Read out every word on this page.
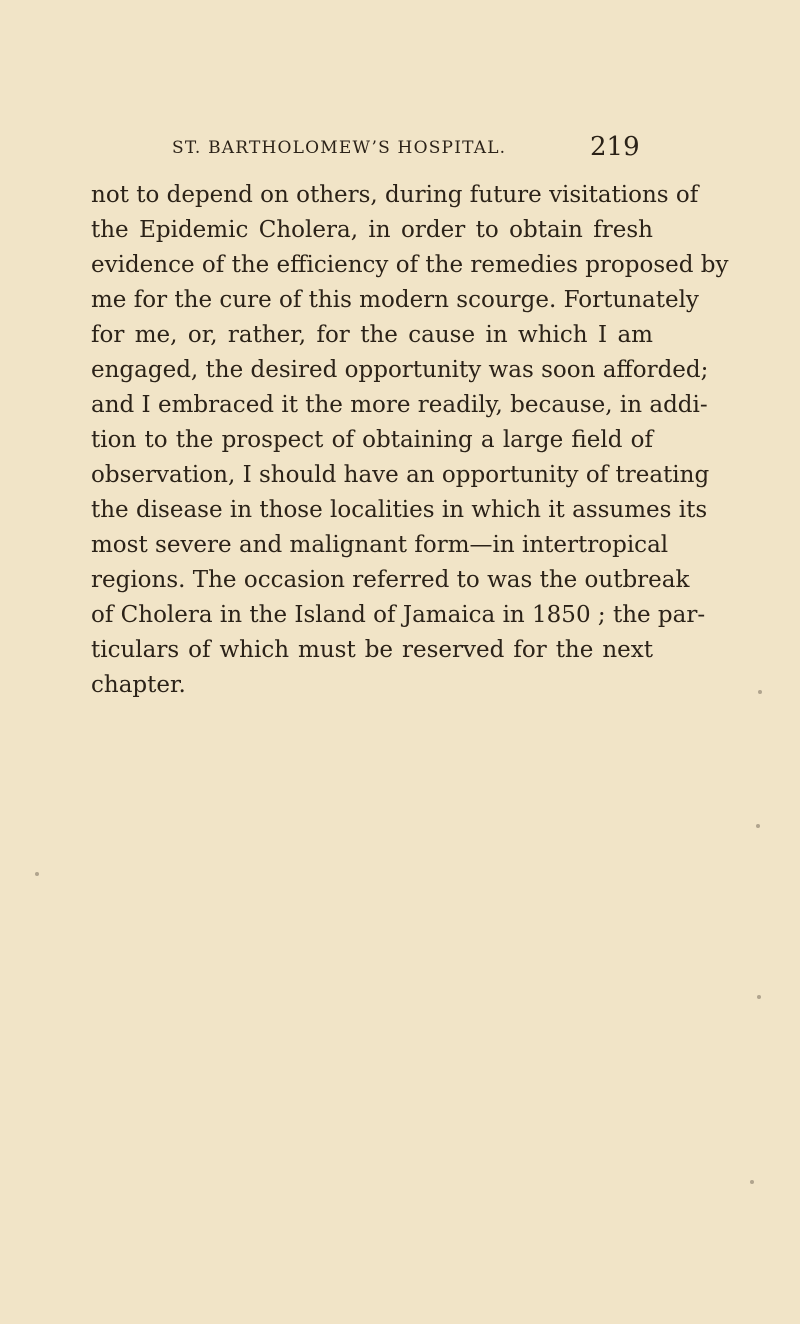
ST. BARTHOLOMEW’S HOSPITAL.	219
not to depend on others, during future visitations of
the Epidemic Cholera, in order to obtain fresh
evidence of the efficiency of the remedies proposed by
me for the cure of this modern scourge. Fortunately
for me, or, rather, for the cause in which I am
engaged, the desired opportunity was soon afforded;
and I embraced it the more readily, because, in addi-
tion to the prospect of obtaining a large field of
observation, I should have an opportunity of treating
the disease in those localities in which it assumes its
most severe and malignant form—in intertropical
regions. The occasion referred to was the outbreak
of Cholera in the Island of Jamaica in 1850 ; the par-
ticulars of which must be reserved for the next
chapter.
